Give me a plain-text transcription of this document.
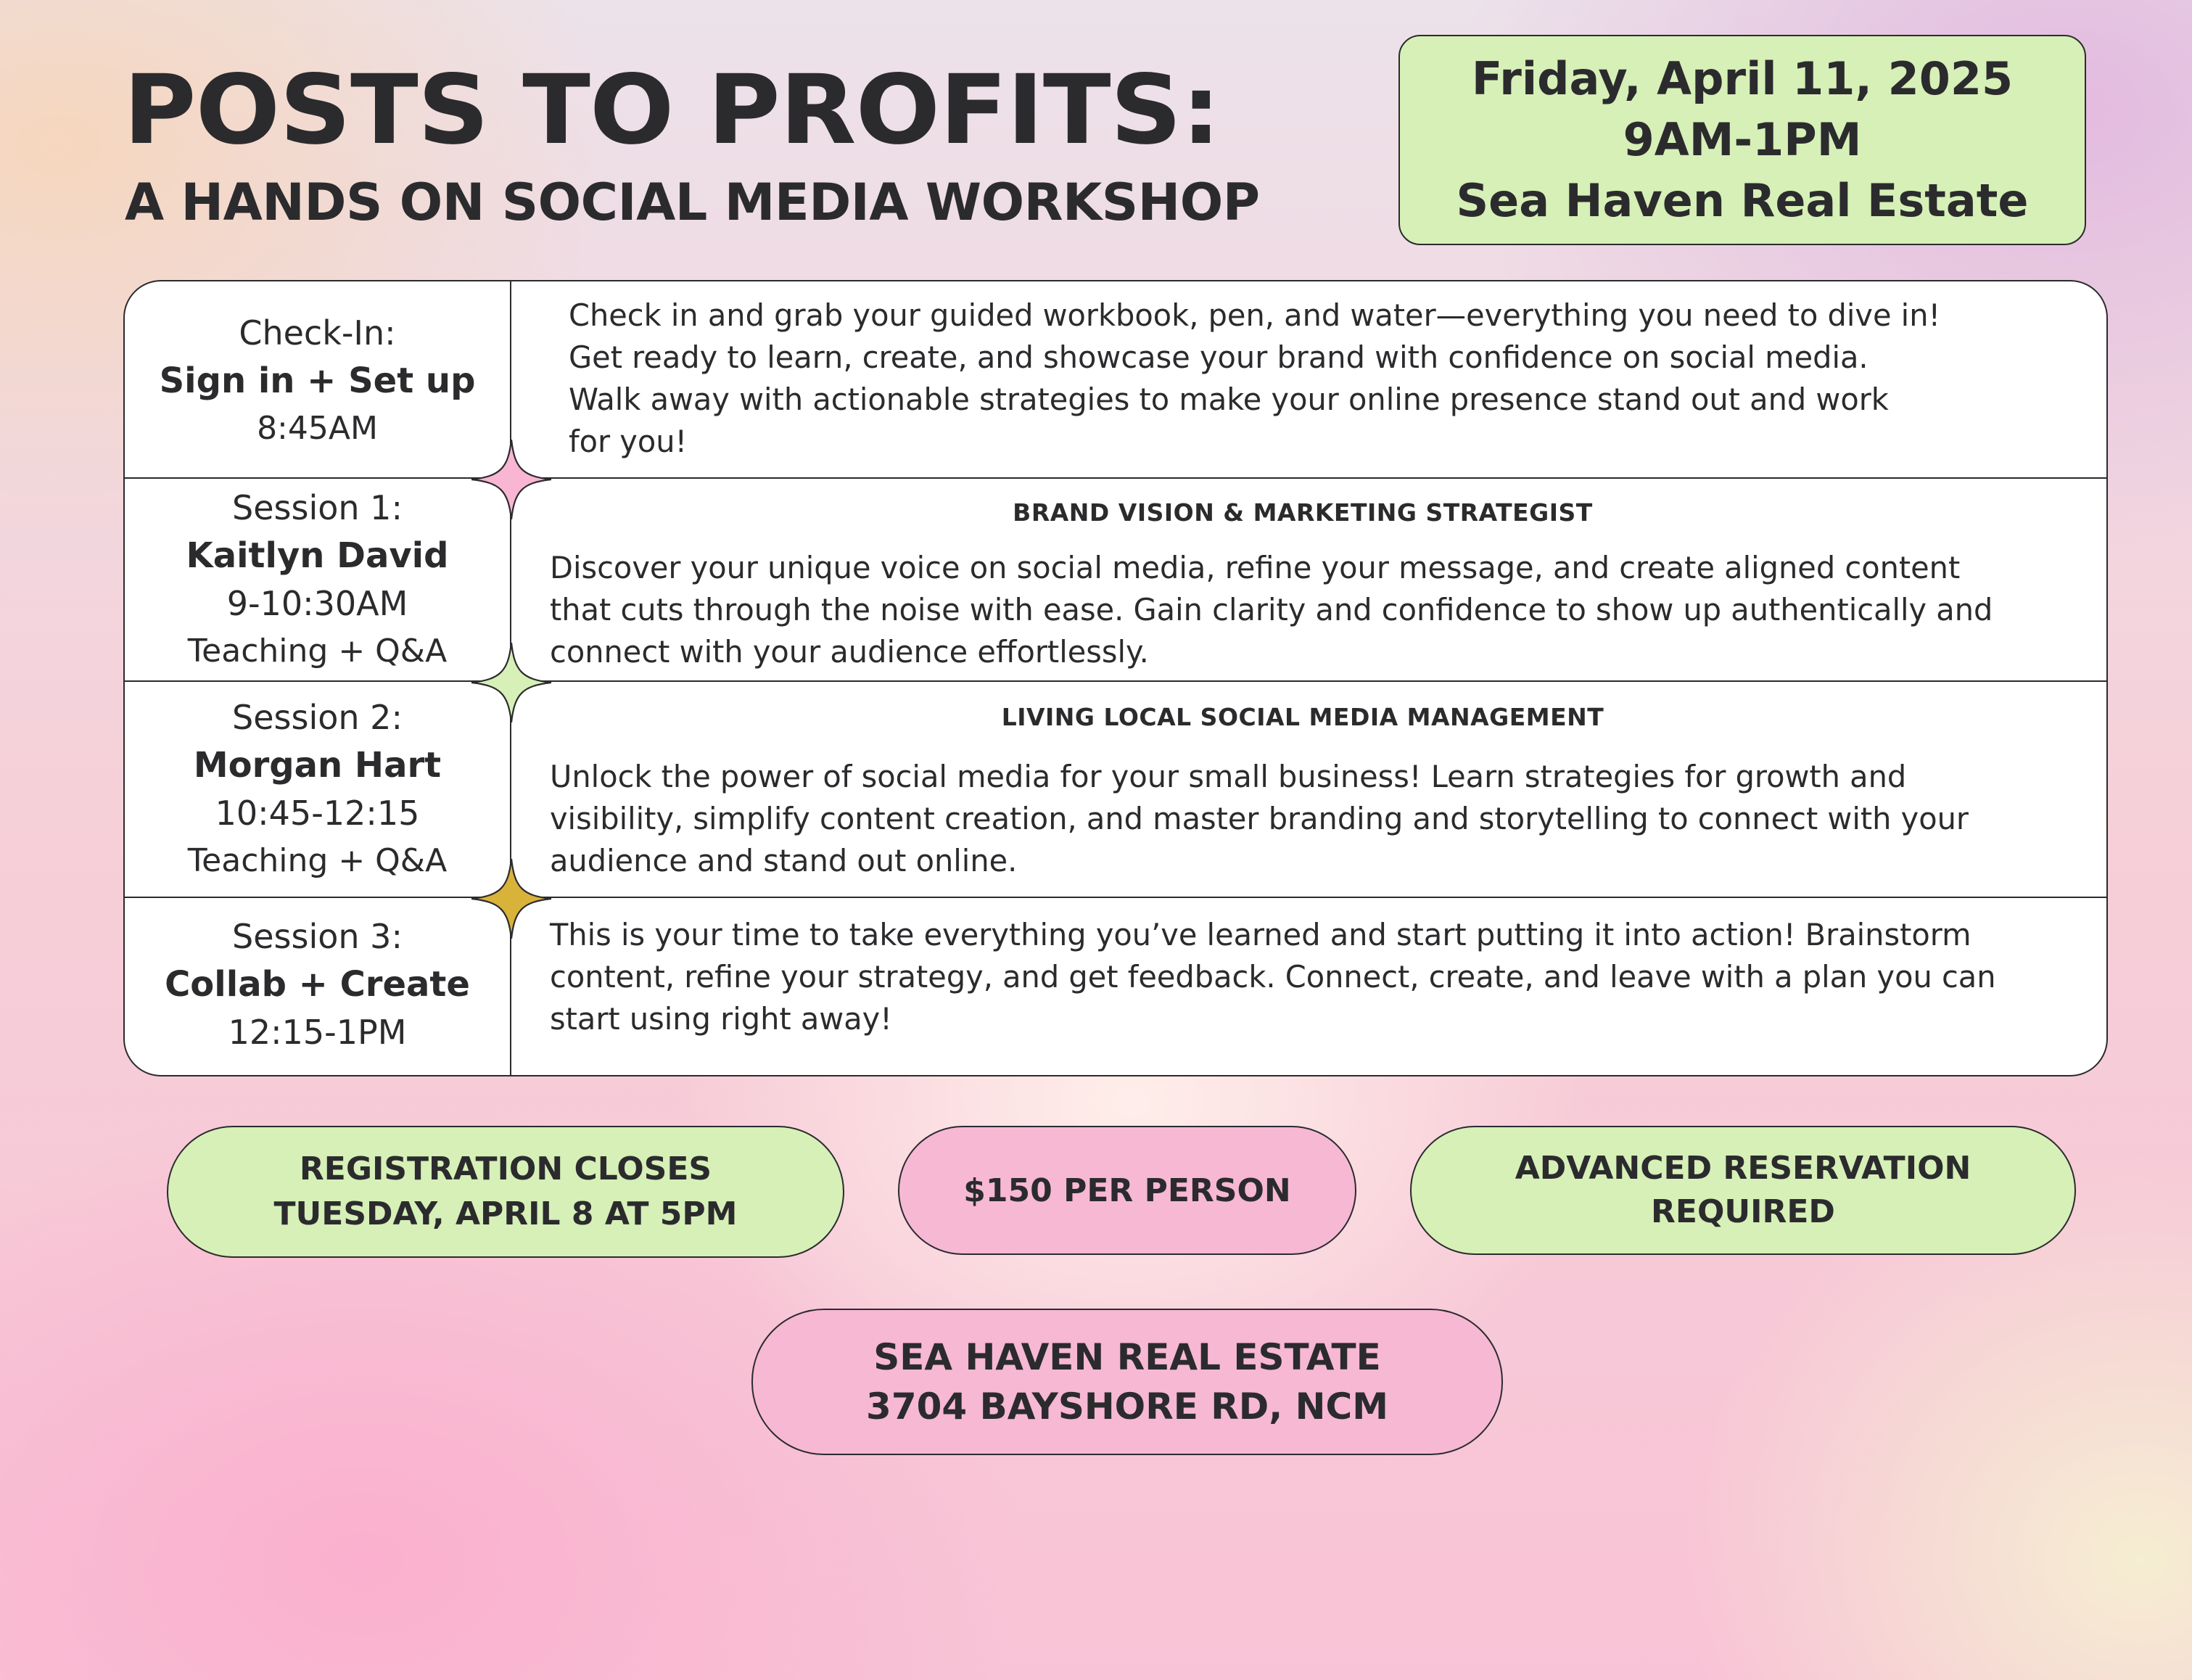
POSTS TO PROFITS:
A HANDS ON SOCIAL MEDIA WORKSHOP
Friday, April 11, 2025
9AM-1PM
Sea Haven Real Estate
Check-In:
Sign in + Set up
8:45AM

Check in and grab your guided workbook, pen, and water—everything you need to dive in!

Get ready to learn, create, and showcase your brand with confidence on social media.

Walk away with actionable strategies to make your online presence stand out and work

for you!

Session 1:
Kaitlyn David
9-10:30AM
Teaching + Q&A

BRAND VISION & MARKETING STRATEGIST

Discover your unique voice on social media, refine your message, and create aligned content

that cuts through the noise with ease. Gain clarity and confidence to show up authentically and

connect with your audience effortlessly.

Session 2:
Morgan Hart
10:45-12:15
Teaching + Q&A

LIVING LOCAL SOCIAL MEDIA MANAGEMENT

Unlock the power of social media for your small business! Learn strategies for growth and

visibility, simplify content creation, and master branding and storytelling to connect with your

audience and stand out online.

Session 3:
Collab + Create
12:15-1PM

This is your time to take everything you’ve learned and start putting it into action! Brainstorm

content, refine your strategy, and get feedback. Connect, create, and leave with a plan you can

start using right away!

REGISTRATION CLOSES
TUESDAY, APRIL 8 AT 5PM
$150 PER PERSON
ADVANCED RESERVATION
REQUIRED
SEA HAVEN REAL ESTATE
3704 BAYSHORE RD, NCM
